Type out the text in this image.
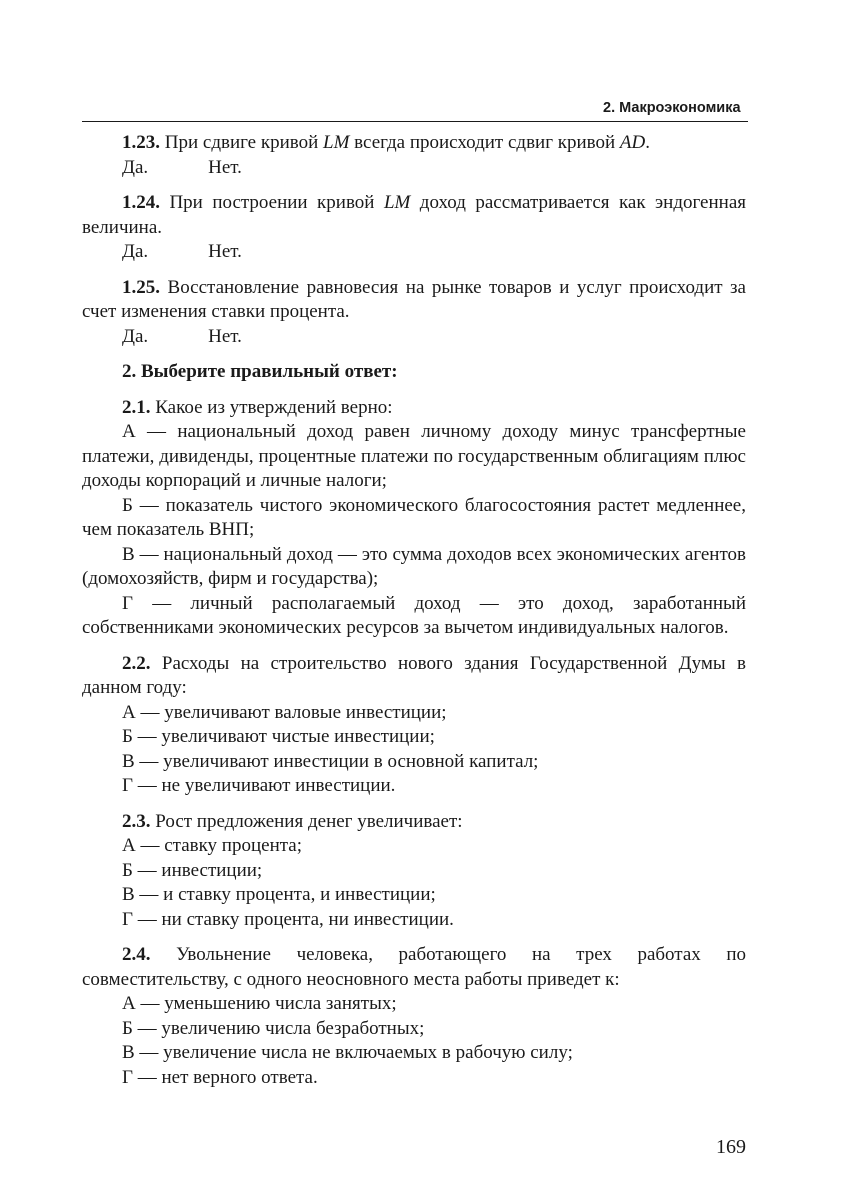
2. Макроэкономика

1.23. При сдвиге кривой LM всегда происходит сдвиг кривой AD.

Да.	Нет.

1.24. При построении кривой LM доход рассматривается как эндогенная величина.

Да.	Нет.

1.25. Восстановление равновесия на рынке товаров и услуг происходит за счет изменения ставки процента.

Да.	Нет.
2. Выберите правильный ответ:

2.1. Какое из утверждений верно:

А — национальный доход равен личному доходу минус трансфертные платежи, дивиденды, процентные платежи по государственным облигациям плюс доходы корпораций и личные налоги;

Б — показатель чистого экономического благосостояния растет медленнее, чем показатель ВНП;

В — национальный доход — это сумма доходов всех экономических агентов (домохозяйств, фирм и государства);

Г — личный располагаемый доход — это доход, заработанный собственниками экономических ресурсов за вычетом индивидуальных налогов.

2.2. Расходы на строительство нового здания Государственной Думы в данном году:

А — увеличивают валовые инвестиции;

Б — увеличивают чистые инвестиции;

В — увеличивают инвестиции в основной капитал;

Г — не увеличивают инвестиции.

2.3. Рост предложения денег увеличивает:

А — ставку процента;

Б — инвестиции;

В — и ставку процента, и инвестиции;

Г — ни ставку процента, ни инвестиции.

2.4. Увольнение человека, работающего на трех работах по совместительству, с одного неосновного места работы приведет к:

А — уменьшению числа занятых;

Б — увеличению числа безработных;

В — увеличение числа не включаемых в рабочую силу;

Г — нет верного ответа.

169
